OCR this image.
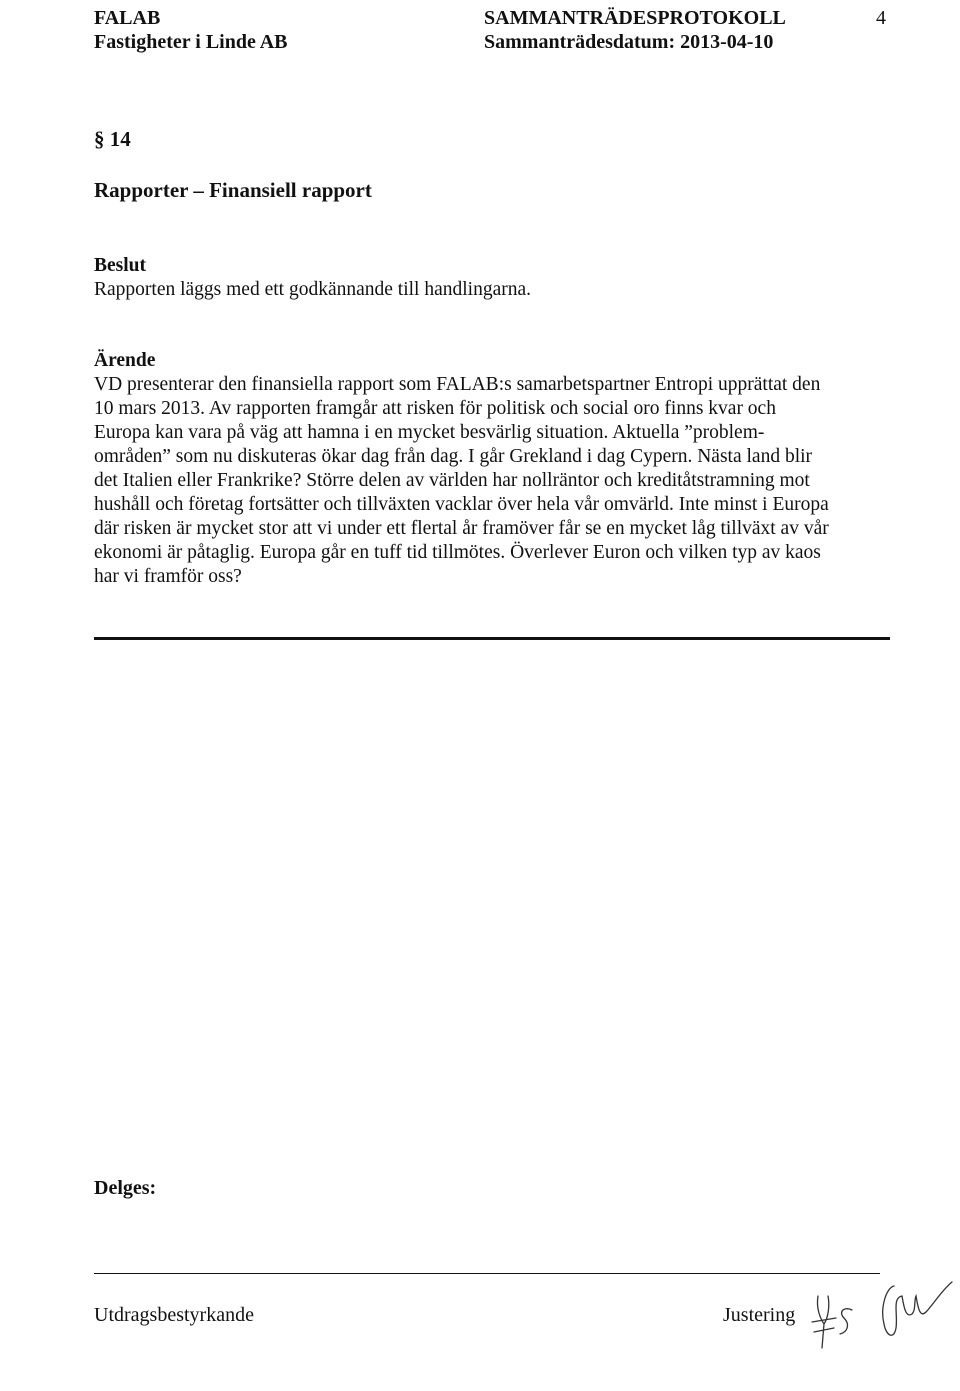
FALAB
Fastigheter i Linde AB
SAMMANTRÄDESPROTOKOLL
Sammanträdesdatum: 2013-04-10
4
§ 14
Rapporter – Finansiell rapport
Beslut
Rapporten läggs med ett godkännande till handlingarna.
Ärende
VD presenterar den finansiella rapport som FALAB:s samarbetspartner Entropi upprättat den
10 mars 2013. Av rapporten framgår att risken för politisk och social oro finns kvar och
Europa kan vara på väg att hamna i en mycket besvärlig situation. Aktuella ”problem-
områden” som nu diskuteras ökar dag från dag. I går Grekland i dag Cypern. Nästa land blir
det Italien eller Frankrike? Större delen av världen har nollräntor och kreditåtstramning mot
hushåll och företag fortsätter och tillväxten vacklar över hela vår omvärld. Inte minst i Europa
där risken är mycket stor att vi under ett flertal år framöver får se en mycket låg tillväxt av vår
ekonomi är påtaglig. Europa går en tuff tid tillmötes. Överlever Euron och vilken typ av kaos
har vi framför oss?
Delges:
Utdragsbestyrkande	Justering
